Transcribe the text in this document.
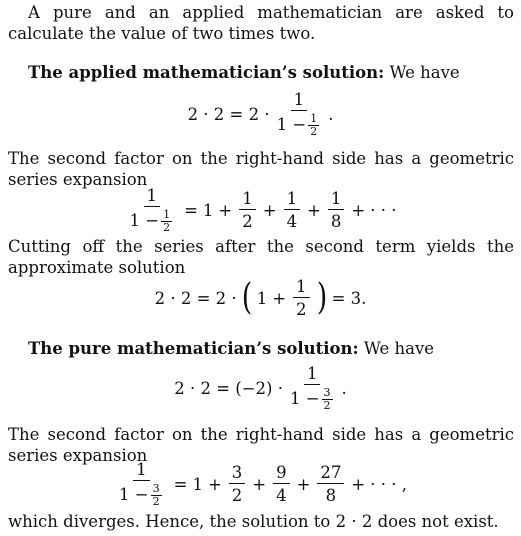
A pure and an applied mathematician are asked to calculate the value of two times two.
The applied mathematician’s solution: We have
$2 \cdot 2 = 2 \cdot \frac{1}{1 - \frac{1}{2}}$ .
The second factor on the right-hand side has a geometric series expansion
$\frac{1}{1 - \frac{1}{2}} = 1 + \frac{1}{2} + \frac{1}{4} + \frac{1}{8}$ + · · ·
Cutting off the series after the second term yields the approximate solution
2 · 2 = 2 · ( $1 + \frac{1}{2}$ ) = 3.
The pure mathematician’s solution: We have
$2 \cdot 2 = (-2) \cdot \frac{1}{1 - \frac{3}{2}}$ .
The second factor on the right-hand side has a geometric series expansion
$\frac{1}{1 - \frac{3}{2}} = 1 + \frac{3}{2} + \frac{9}{4} + \frac{27}{8}$ + · · · ,
which diverges. Hence, the solution to 2 · 2 does not exist.
